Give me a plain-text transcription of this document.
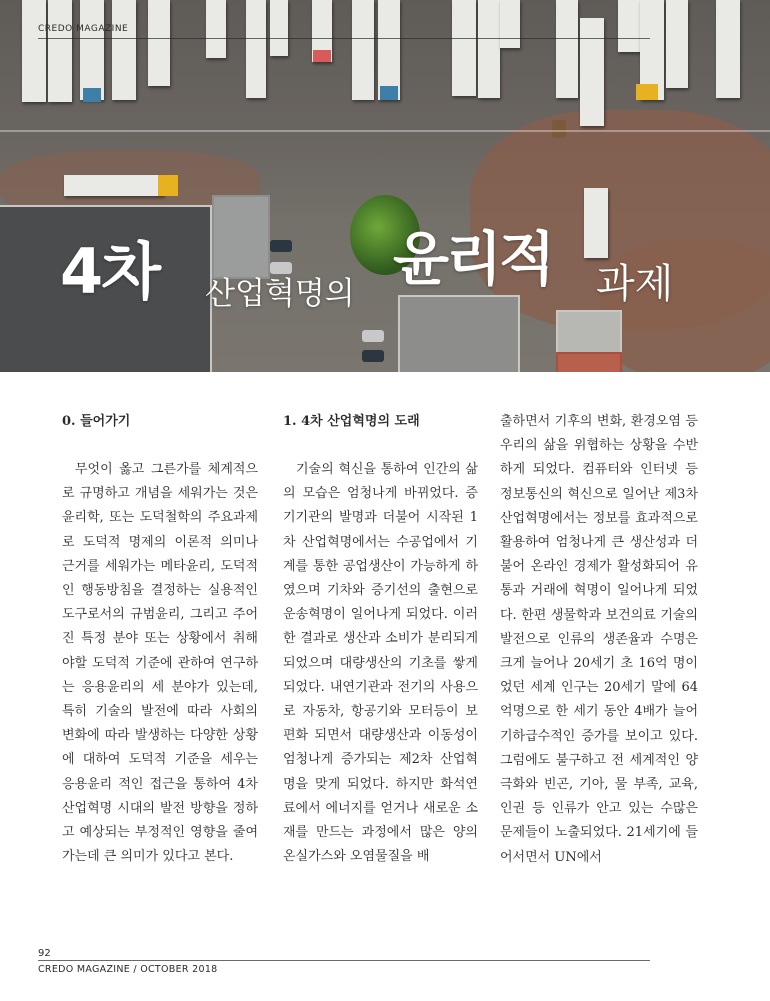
CREDO MAGAZINE
4차 산업혁명의
윤리적 과제
0. 들어가기

무엇이 옳고 그른가를 체계적으로 규명하고 개념을 세워가는 것은 윤리학, 또는 도덕철학의 주요과제로 도덕적 명제의 이론적 의미나 근거를 세워가는 메타윤리, 도덕적인 행동방침을 결정하는 실용적인 도구로서의 규범윤리, 그리고 주어진 특정 분야 또는 상황에서 취해야할 도덕적 기준에 관하여 연구하는 응용윤리의 세 분야가 있는데, 특히 기술의 발전에 따라 사회의 변화에 따라 발생하는 다양한 상황에 대하여 도덕적 기준을 세우는 응용윤리 적인 접근을 통하여 4차 산업혁명 시대의 발전 방향을 정하고 예상되는 부정적인 영향을 줄여가는데 큰 의미가 있다고 본다.

1. 4차 산업혁명의 도래

기술의 혁신을 통하여 인간의 삶의 모습은 엄청나게 바뀌었다. 증기기관의 발명과 더불어 시작된 1차 산업혁명에서는 수공업에서 기계를 통한 공업생산이 가능하게 하였으며 기차와 증기선의 출현으로 운송혁명이 일어나게 되었다. 이러한 결과로 생산과 소비가 분리되게 되었으며 대량생산의 기초를 쌓게 되었다. 내연기관과 전기의 사용으로 자동차, 항공기와 모터등이 보편화 되면서 대량생산과 이동성이 엄청나게 증가되는 제2차 산업혁명을 맞게 되었다. 하지만 화석연료에서 에너지를 얻거나 새로운 소재를 만드는 과정에서 많은 양의 온실가스와 오염물질을 배

출하면서 기후의 변화, 환경오염 등 우리의 삶을 위협하는 상황을 수반하게 되었다. 컴퓨터와 인터넷 등 정보통신의 혁신으로 일어난 제3차 산업혁명에서는 정보를 효과적으로 활용하여 엄청나게 큰 생산성과 더불어 온라인 경제가 활성화되어 유통과 거래에 혁명이 일어나게 되었다. 한편 생물학과 보건의료 기술의 발전으로 인류의 생존율과 수명은 크게 늘어나 20세기 초 16억 명이었던 세계 인구는 20세기 말에 64 억명으로 한 세기 동안 4배가 늘어 기하급수적인 증가를 보이고 있다. 그럼에도 불구하고 전 세계적인 양극화와 빈곤, 기아, 물 부족, 교육, 인권 등 인류가 안고 있는 수많은 문제들이 노출되었다. 21세기에 들어서면서 UN에서

92
CREDO MAGAZINE / OCTOBER 2018
